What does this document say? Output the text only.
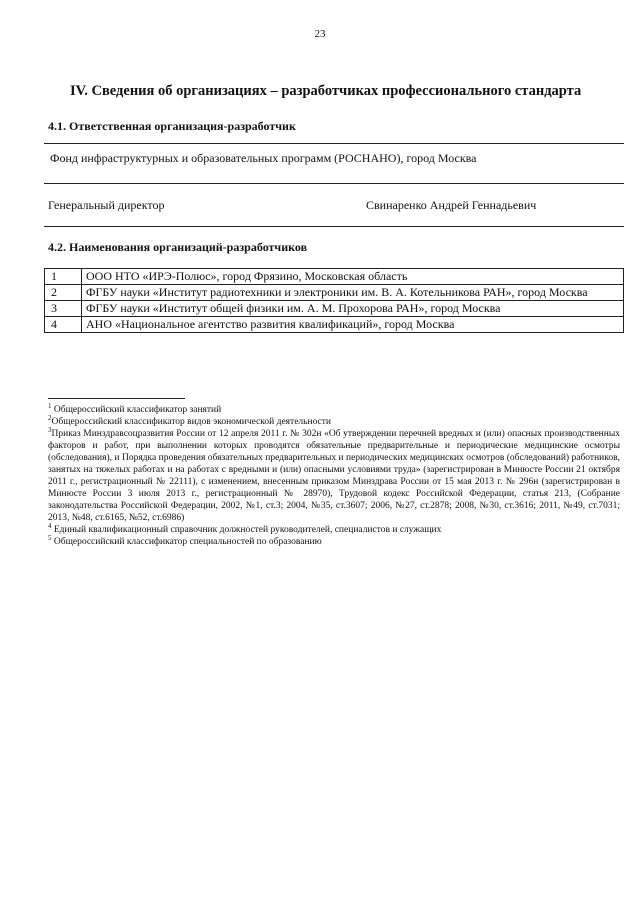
23
IV. Сведения об организациях – разработчиках профессионального стандарта
4.1. Ответственная организация-разработчик
Фонд инфраструктурных и образовательных программ (РОСНАНО), город Москва
Генеральный директор	Свинаренко Андрей Геннадьевич
4.2. Наименования организаций-разработчиков
1	ООО НТО «ИРЭ-Полюс», город Фрязино, Московская область
2	ФГБУ науки «Институт радиотехники и электроники им. В. А. Котельникова РАН», город Москва
3	ФГБУ науки «Институт общей физики им. А. М. Прохорова РАН», город Москва
4	АНО «Национальное агентство развития квалификаций», город Москва

$^1$ Общероссийский классификатор занятий

$^2$Общероссийский классификатор видов экономической деятельности

$^3$Приказ Минздравсоцразвития России от 12 апреля 2011 г. № 302н «Об утверждении перечней вредных и (или) опасных производственных факторов и работ, при выполнении которых проводятся обязательные предварительные и периодические медицинские осмотры (обследования), и Порядка проведения обязательных предварительных и периодических медицинских осмотров (обследований) работников, занятых на тяжелых работах и на работах с вредными и (или) опасными условиями труда» (зарегистрирован в Минюсте России 21 октября 2011 г., регистрационный № 22111), с изменением, внесенным приказом Минздрава России от 15 мая 2013 г. № 296н (зарегистрирован в Минюсте России 3 июля 2013 г., регистрационный № 28970), Трудовой кодекс Российской Федерации, статья 213, (Собрание законодательства Российской Федерации, 2002, №1, ст.3; 2004, №35, ст.3607; 2006, №27, ст.2878; 2008, №30, ст.3616; 2011, №49, ст.7031; 2013, №48, ст.6165, №52, ст.6986)

$^4$ Единый квалификационный справочник должностей руководителей, специалистов и служащих

$^5$ Общероссийский классификатор специальностей по образованию
